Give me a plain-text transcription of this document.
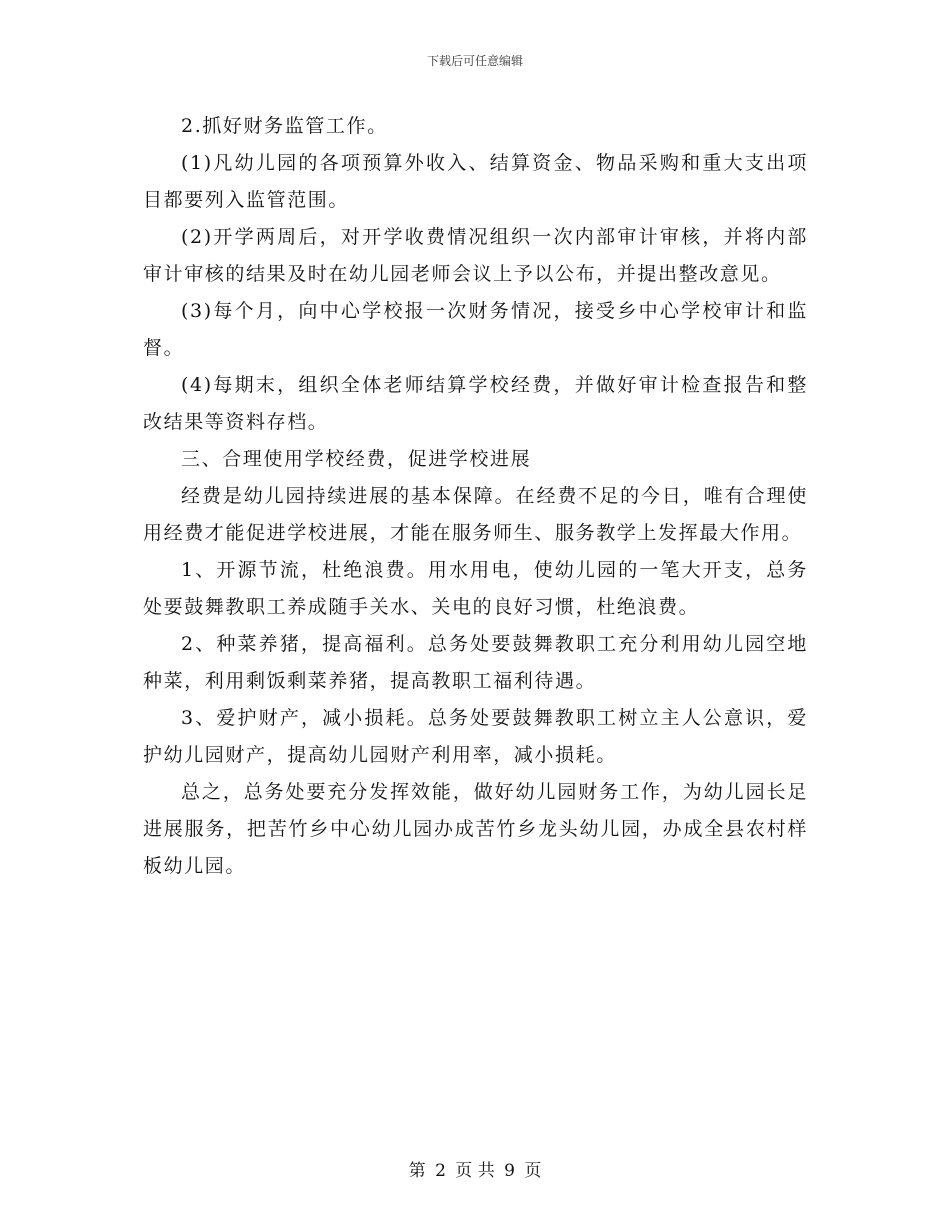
下载后可任意编辑

2.抓好财务监管工作。

(1)凡幼儿园的各项预算外收入、结算资金、物品采购和重大支出项目都要列入监管范围。

(2)开学两周后，对开学收费情况组织一次内部审计审核，并将内部审计审核的结果及时在幼儿园老师会议上予以公布，并提出整改意见。

(3)每个月，向中心学校报一次财务情况，接受乡中心学校审计和监督。

(4)每期末，组织全体老师结算学校经费，并做好审计检查报告和整改结果等资料存档。

三、合理使用学校经费，促进学校进展

经费是幼儿园持续进展的基本保障。在经费不足的今日，唯有合理使用经费才能促进学校进展，才能在服务师生、服务教学上发挥最大作用。

1、开源节流，杜绝浪费。用水用电，使幼儿园的一笔大开支，总务处要鼓舞教职工养成随手关水、关电的良好习惯，杜绝浪费。

2、种菜养猪，提高福利。总务处要鼓舞教职工充分利用幼儿园空地种菜，利用剩饭剩菜养猪，提高教职工福利待遇。

3、爱护财产，减小损耗。总务处要鼓舞教职工树立主人公意识，爱护幼儿园财产，提高幼儿园财产利用率，减小损耗。

总之，总务处要充分发挥效能，做好幼儿园财务工作，为幼儿园长足进展服务，把苦竹乡中心幼儿园办成苦竹乡龙头幼儿园，办成全县农村样板幼儿园。

第 2 页 共 9 页
